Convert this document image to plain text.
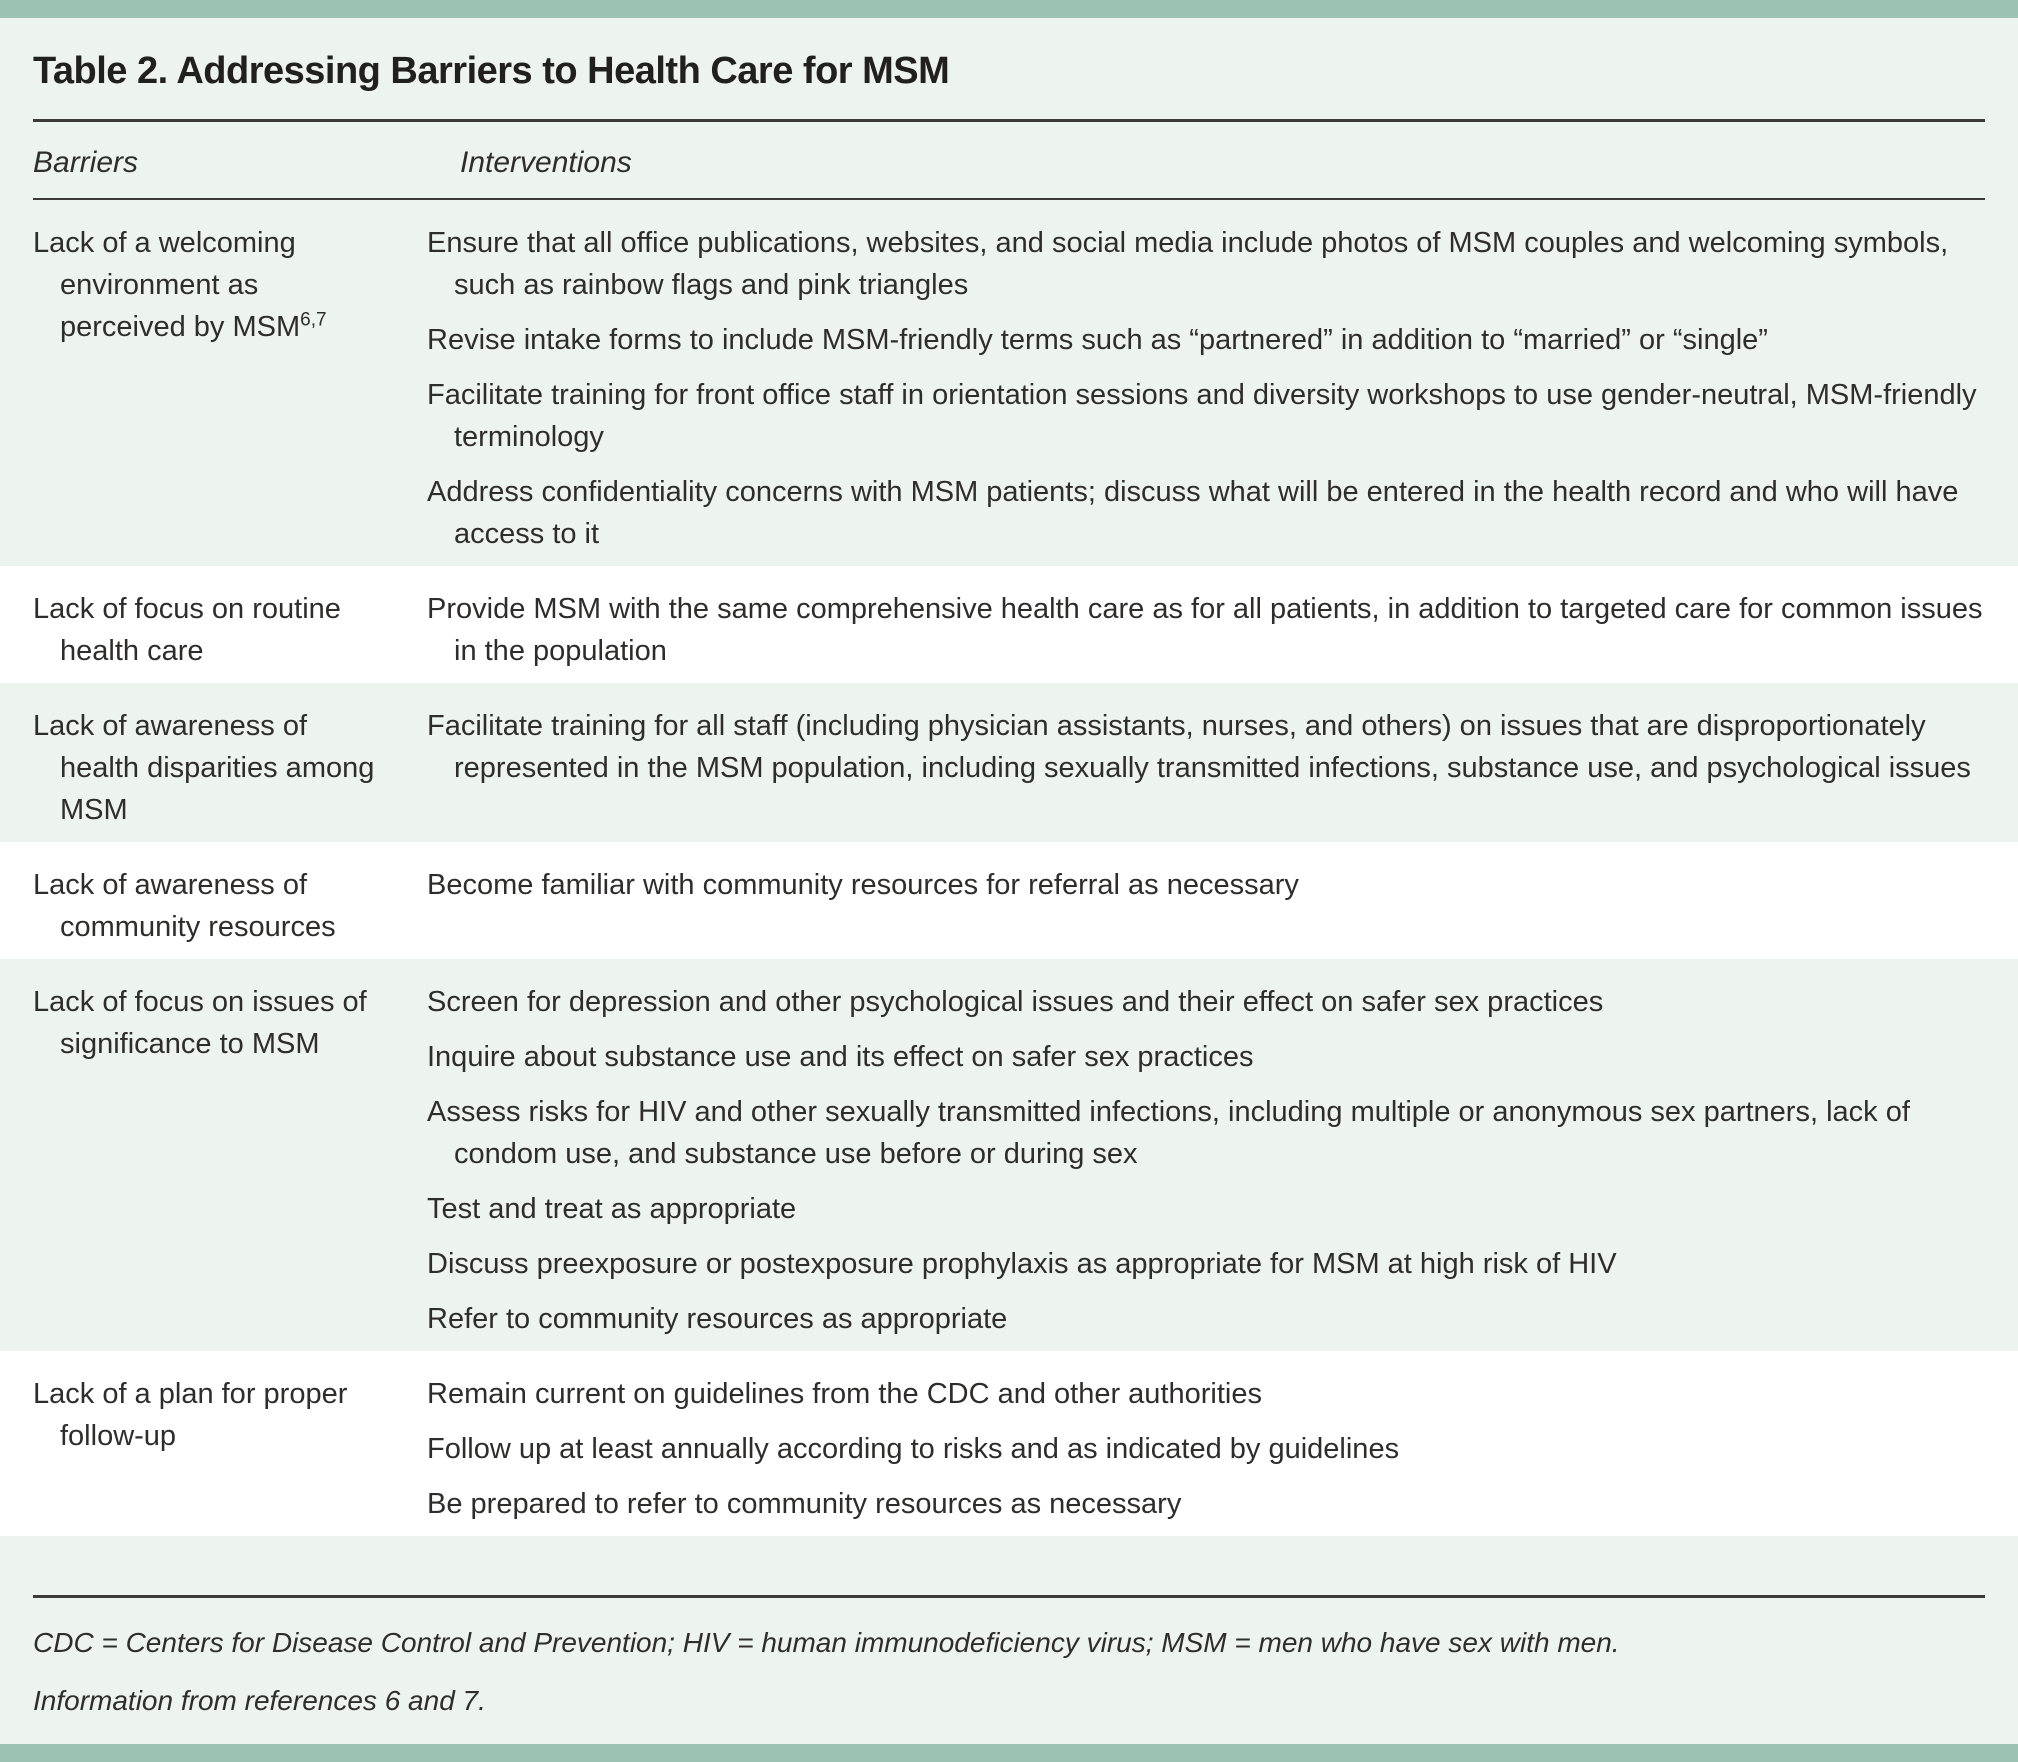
Table 2. Addressing Barriers to Health Care for MSM
Barriers	Interventions
Lack of a welcoming environment as perceived by MSM$^{6,7}$

Ensure that all office publications, websites, and social media include photos of MSM couples and welcoming symbols, such as rainbow flags and pink triangles

Revise intake forms to include MSM-friendly terms such as “partnered” in addition to “married” or “single”

Facilitate training for front office staff in orientation sessions and diversity workshops to use gender-neutral, MSM-friendly terminology

Address confidentiality concerns with MSM patients; discuss what will be entered in the health record and who will have access to it

Lack of focus on routine health care

Provide MSM with the same comprehensive health care as for all patients, in addition to targeted care for common issues in the population

Lack of awareness of health disparities among MSM

Facilitate training for all staff (including physician assistants, nurses, and others) on issues that are disproportionately represented in the MSM population, including sexually transmitted infections, substance use, and psychological issues

Lack of awareness of community resources

Become familiar with community resources for referral as necessary

Lack of focus on issues of significance to MSM

Screen for depression and other psychological issues and their effect on safer sex practices

Inquire about substance use and its effect on safer sex practices

Assess risks for HIV and other sexually transmitted infections, including multiple or anonymous sex partners, lack of condom use, and substance use before or during sex

Test and treat as appropriate

Discuss preexposure or postexposure prophylaxis as appropriate for MSM at high risk of HIV

Refer to community resources as appropriate

Lack of a plan for proper follow-up

Remain current on guidelines from the CDC and other authorities

Follow up at least annually according to risks and as indicated by guidelines

Be prepared to refer to community resources as necessary

CDC = Centers for Disease Control and Prevention; HIV = human immunodeficiency virus; MSM = men who have sex with men.
Information from references 6 and 7.
